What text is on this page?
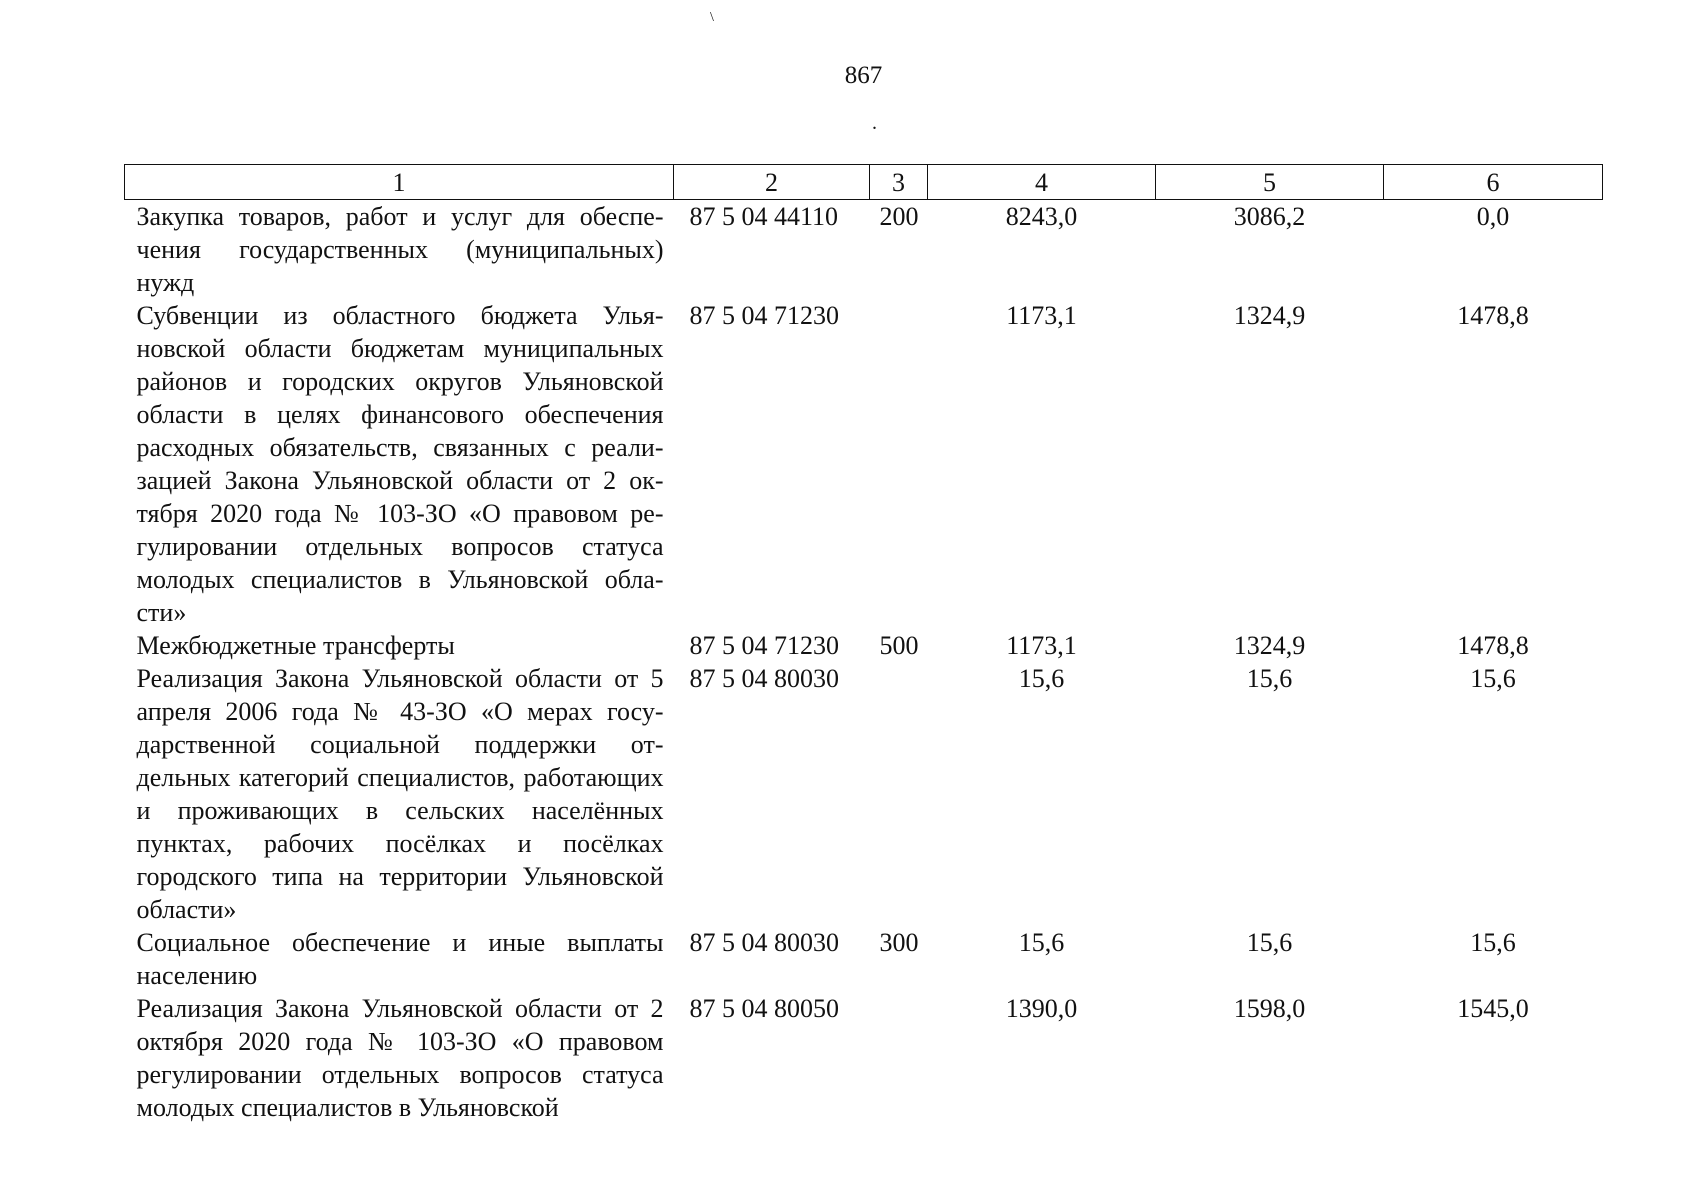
\
867
.
1	2	3	4	5	6
Закупка товаров, работ и услуг для обеспечения государственных (муниципальных) нужд	87 5 04 44110	200	8243,0	3086,2	0,0
Субвенции из областного бюджета Ульяновской области бюджетам муниципальных районов и городских округов Ульяновской области в целях финансового обеспечения расходных обязательств, связанных с реализацией Закона Ульяновской области от 2 октября 2020 года № 103-ЗО «О правовом регулировании отдельных вопросов статуса молодых специалистов в Ульяновской области»	87 5 04 71230		1173,1	1324,9	1478,8
Межбюджетные трансферты	87 5 04 71230	500	1173,1	1324,9	1478,8
Реализация Закона Ульяновской области от 5 апреля 2006 года № 43-ЗО «О мерах государственной социальной поддержки отдельных категорий специалистов, работающих и проживающих в сельских населённых пунктах, рабочих посёлках и посёлках городского типа на территории Ульяновской области»	87 5 04 80030		15,6	15,6	15,6
Социальное обеспечение и иные выплаты населению	87 5 04 80030	300	15,6	15,6	15,6
Реализация Закона Ульяновской области от 2 октября 2020 года № 103-ЗО «О правовом регулировании отдельных вопросов статуса молодых специалистов в Ульяновской	87 5 04 80050		1390,0	1598,0	1545,0
